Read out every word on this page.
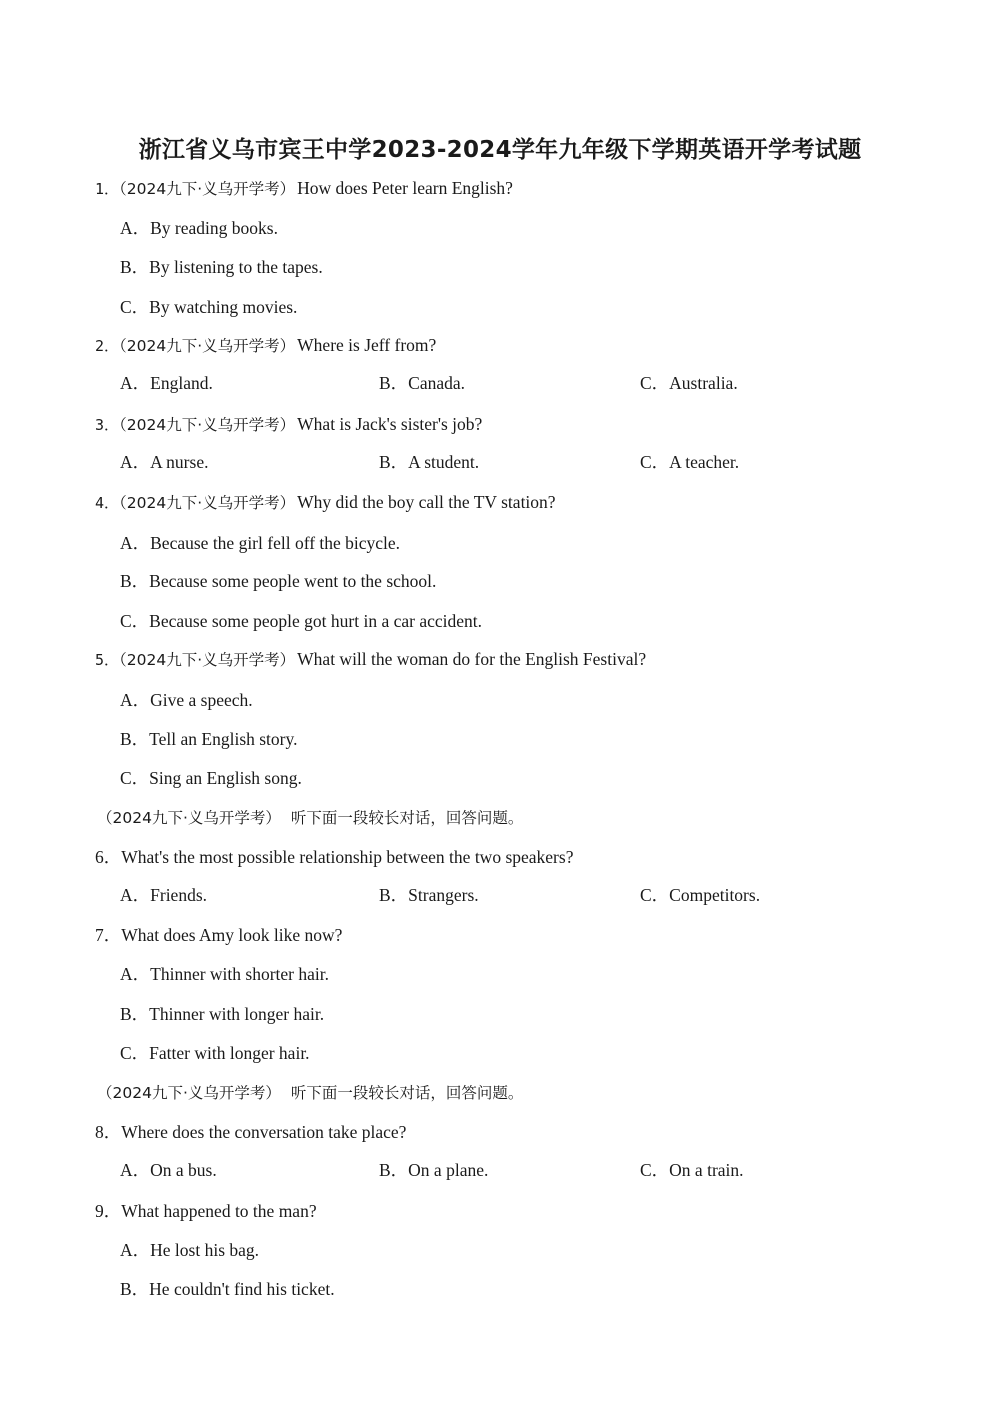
浙江省义乌市宾王中学2023-2024学年九年级下学期英语开学考试题
1．（2024九下·义乌开学考） How does Peter learn English?
A．By reading books.
B．By listening to the tapes.
C．By watching movies.
2．（2024九下·义乌开学考） Where is Jeff from?
A．England.	B．Canada.	C．Australia.
3．（2024九下·义乌开学考） What is Jack's sister's job?
A．A nurse.	B．A student.	C．A teacher.
4．（2024九下·义乌开学考） Why did the boy call the TV station?
A．Because the girl fell off the bicycle.
B．Because some people went to the school.
C．Because some people got hurt in a car accident.
5．（2024九下·义乌开学考） What will the woman do for the English Festival?
A．Give a speech.
B．Tell an English story.
C．Sing an English song.
（2024九下·义乌开学考） 听下面一段较长对话，回答问题。
6．What's the most possible relationship between the two speakers?
A．Friends.	B．Strangers.	C．Competitors.
7．What does Amy look like now?
A．Thinner with shorter hair.
B．Thinner with longer hair.
C．Fatter with longer hair.
（2024九下·义乌开学考） 听下面一段较长对话，回答问题。
8．Where does the conversation take place?
A．On a bus.	B．On a plane.	C．On a train.
9．What happened to the man?
A．He lost his bag.
B．He couldn't find his ticket.
